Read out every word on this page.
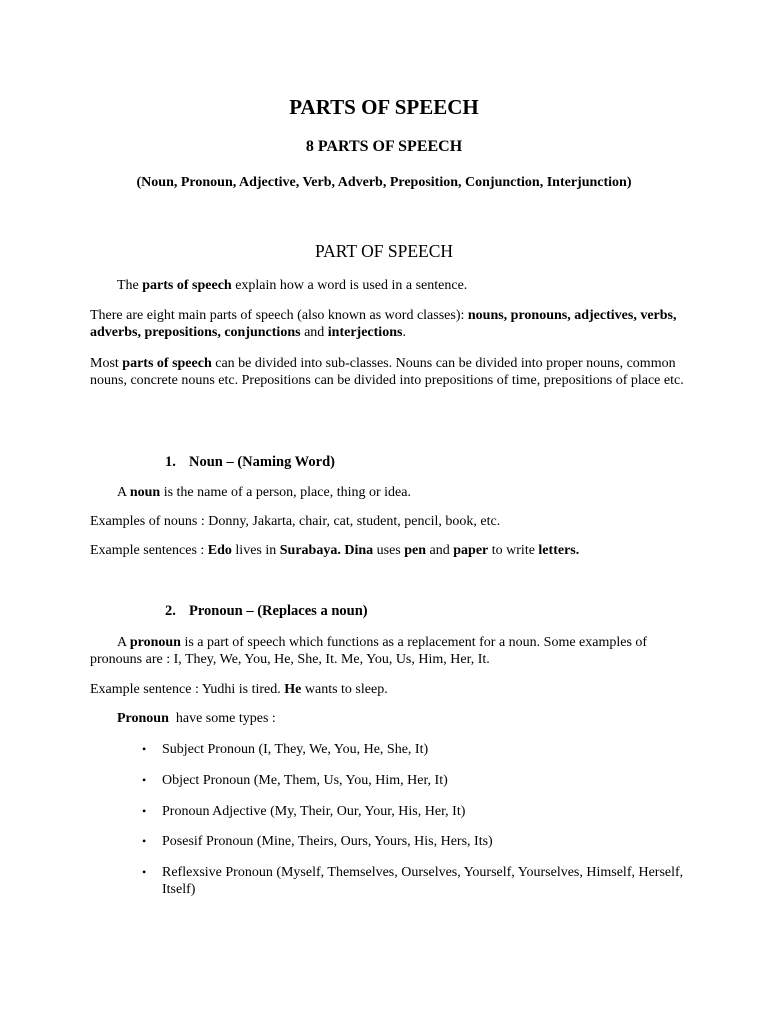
PARTS OF SPEECH
8 PARTS OF SPEECH
(Noun, Pronoun, Adjective, Verb, Adverb, Preposition, Conjunction, Interjunction)
PART OF SPEECH
The parts of speech explain how a word is used in a sentence.
There are eight main parts of speech (also known as word classes): nouns, pronouns, adjectives, verbs, adverbs, prepositions, conjunctions and interjections.
Most parts of speech can be divided into sub-classes. Nouns can be divided into proper nouns, common nouns, concrete nouns etc. Prepositions can be divided into prepositions of time, prepositions of place etc.
1. Noun – (Naming Word)
A noun is the name of a person, place, thing or idea.
Examples of nouns : Donny, Jakarta, chair, cat, student, pencil, book, etc.
Example sentences : Edo lives in Surabaya. Dina uses pen and paper to write letters.
2. Pronoun – (Replaces a noun)
A pronoun is a part of speech which functions as a replacement for a noun. Some examples of pronouns are : I, They, We, You, He, She, It. Me, You, Us, Him, Her, It.
Example sentence : Yudhi is tired. He wants to sleep.
Pronoun  have some types :
• Subject Pronoun (I, They, We, You, He, She, It)
• Object Pronoun (Me, Them, Us, You, Him, Her, It)
• Pronoun Adjective (My, Their, Our, Your, His, Her, It)
• Posesif Pronoun (Mine, Theirs, Ours, Yours, His, Hers, Its)
• Reflexsive Pronoun (Myself, Themselves, Ourselves, Yourself, Yourselves, Himself, Herself, Itself)
